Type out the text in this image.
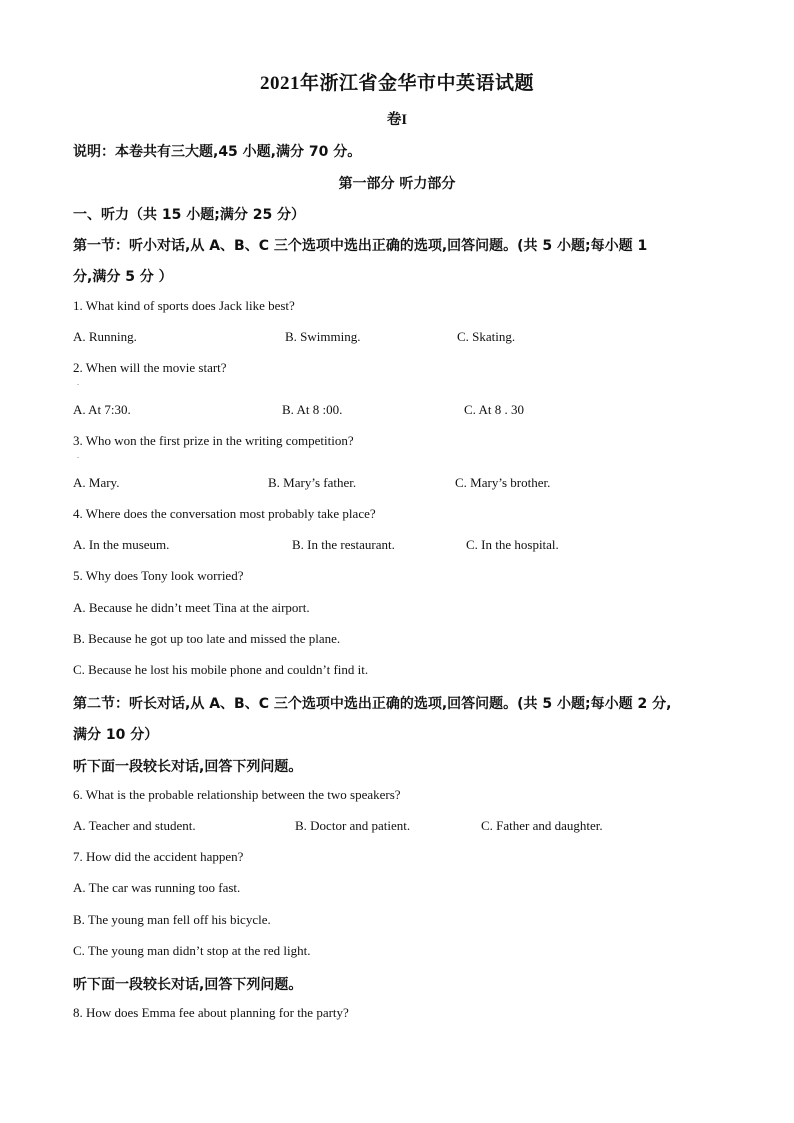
2021年浙江省金华市中英语试题
卷I
说明：本卷共有三大题,45 小题,满分 70 分。
第一部分 听力部分
一、听力（共 15 小题;满分 25 分）
第一节：听小对话,从 A、B、C 三个选项中选出正确的选项,回答问题。(共 5 小题;每小题 1
分,满分 5 分 ）
1. What kind of sports does Jack like best?
A. Running.	B. Swimming.	C. Skating.
2. When will the movie start?
.
A. At 7:30.	B. At 8 :00.	C. At 8 . 30
3. Who won the first prize in the writing competition?
.
A. Mary.	B. Mary’s father.	C. Mary’s brother.
4. Where does the conversation most probably take place?
A. In the museum.	B. In the restaurant.	C. In the hospital.
5. Why does Tony look worried?
A. Because he didn’t meet Tina at the airport.
B. Because he got up too late and missed the plane.
C. Because he lost his mobile phone and couldn’t find it.
第二节：听长对话,从 A、B、C 三个选项中选出正确的选项,回答问题。(共 5 小题;每小题 2 分,
满分 10 分）
听下面一段较长对话,回答下列问题。
6. What is the probable relationship between the two speakers?
A. Teacher and student.	B. Doctor and patient.	C. Father and daughter.
7. How did the accident happen?
A. The car was running too fast.
B. The young man fell off his bicycle.
C. The young man didn’t stop at the red light.
听下面一段较长对话,回答下列问题。
8. How does Emma fee about planning for the party?
